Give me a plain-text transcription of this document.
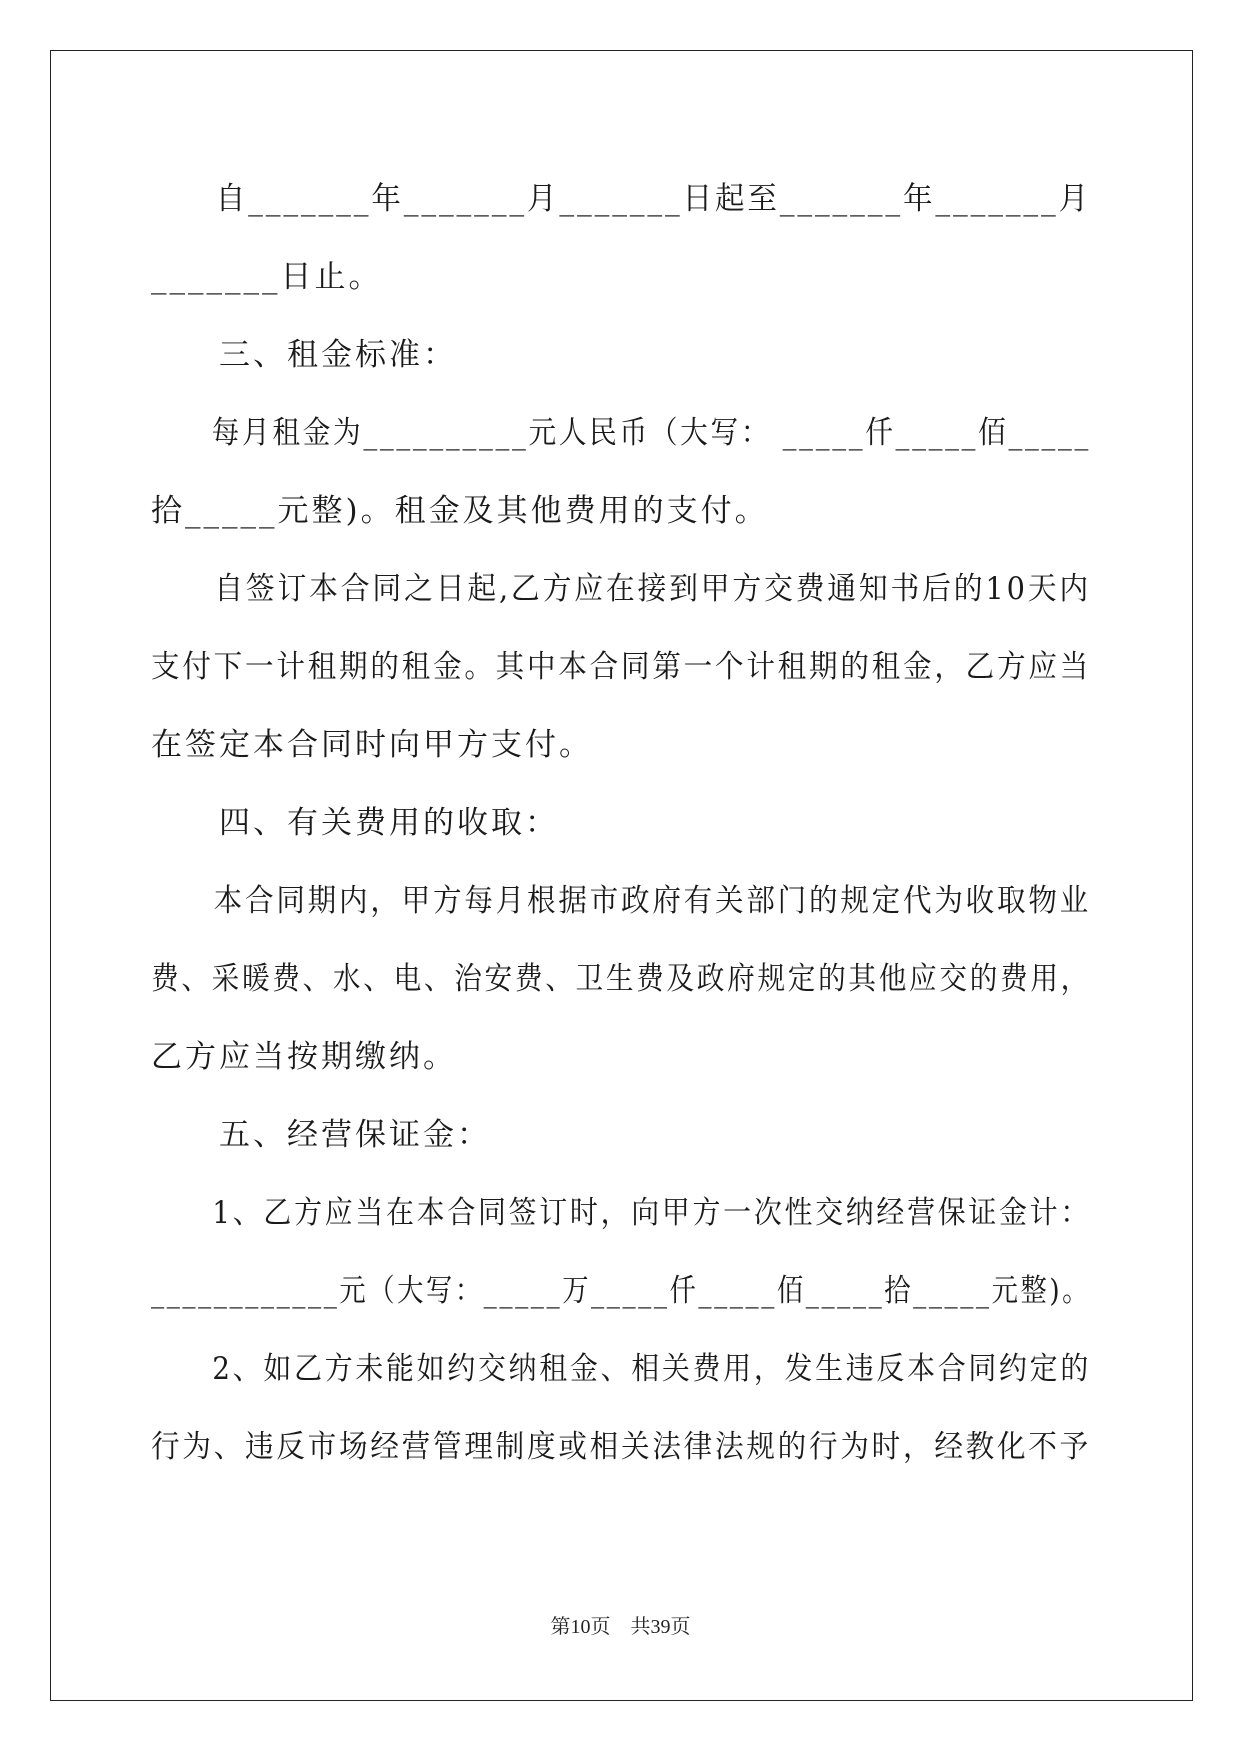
　　自_______年_______月_______日起至_______年_______月
_______日止。
　　三、租金标准：
　　每月租金为__________元人民币（大写： _____仟_____佰_____
拾_____元整)。租金及其他费用的支付。
　　自签订本合同之日起,乙方应在接到甲方交费通知书后的10天内
支付下一计租期的租金。其中本合同第一个计租期的租金，乙方应当
在签定本合同时向甲方支付。
　　四、有关费用的收取：
　　本合同期内，甲方每月根据市政府有关部门的规定代为收取物业
费、采暖费、水、电、治安费、卫生费及政府规定的其他应交的费用，
乙方应当按期缴纳。
　　五、经营保证金：
　　1、乙方应当在本合同签订时，向甲方一次性交纳经营保证金计：
____________元（大写：_____万_____仟_____佰_____拾_____元整)。
　　2、如乙方未能如约交纳租金、相关费用，发生违反本合同约定的
行为、违反市场经营管理制度或相关法律法规的行为时，经教化不予
第10页　共39页
